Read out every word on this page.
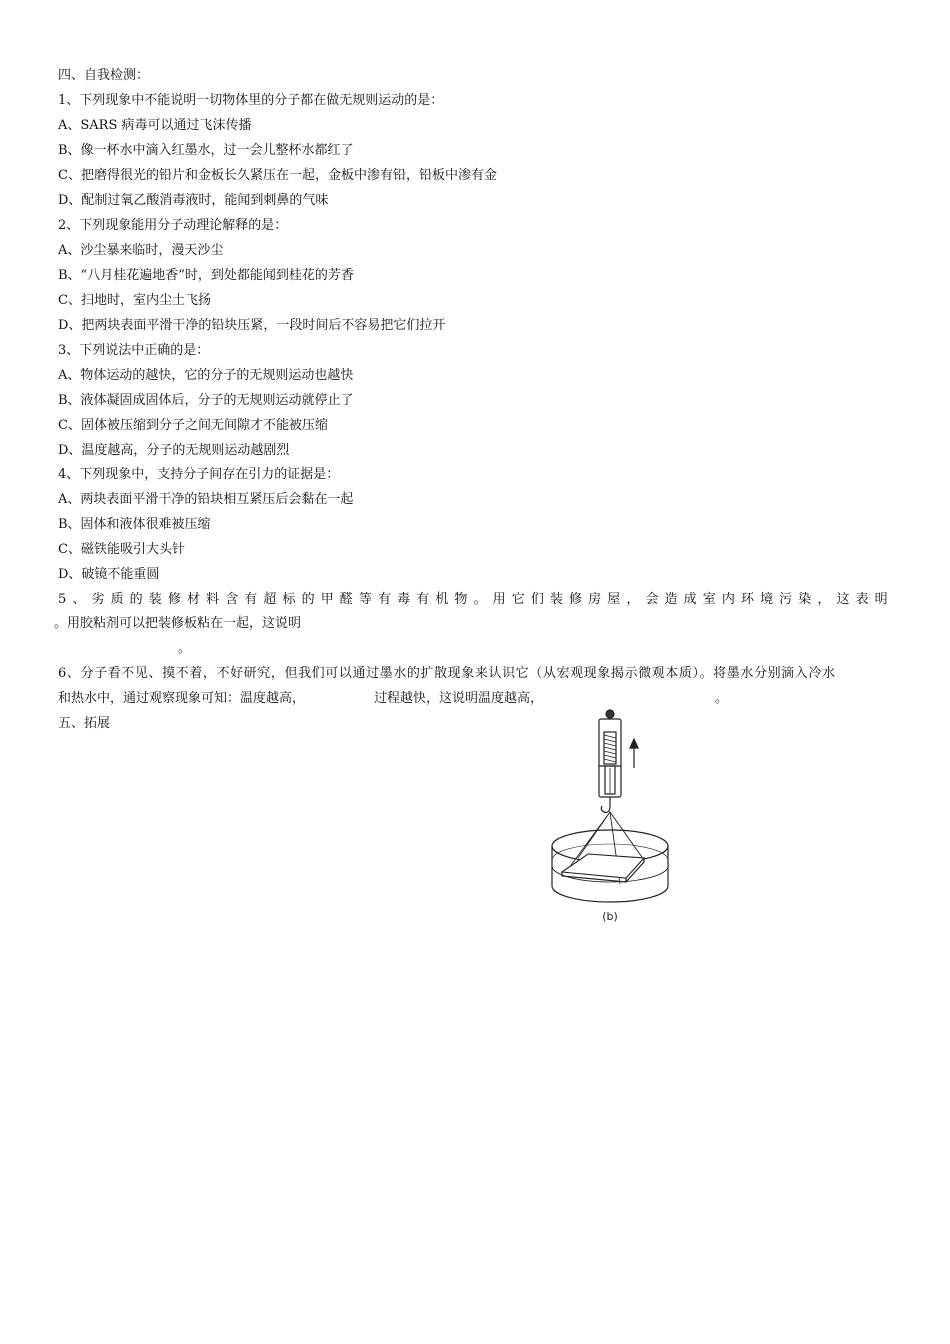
四、自我检测：
1、下列现象中不能说明一切物体里的分子都在做无规则运动的是：
A、SARS 病毒可以通过飞沫传播
B、像一杯水中滴入红墨水，过一会儿整杯水都红了
C、把磨得很光的铅片和金板长久紧压在一起，金板中渗有铅，铅板中渗有金
D、配制过氧乙酸消毒液时，能闻到刺鼻的气味
2、下列现象能用分子动理论解释的是：
A、沙尘暴来临时，漫天沙尘
B、“八月桂花遍地香”时，到处都能闻到桂花的芳香
C、扫地时，室内尘土飞扬
D、把两块表面平滑干净的铅块压紧，一段时间后不容易把它们拉开
3、下列说法中正确的是：
A、物体运动的越快，它的分子的无规则运动也越快
B、液体凝固成固体后，分子的无规则运动就停止了
C、固体被压缩到分子之间无间隙才不能被压缩
D、温度越高，分子的无规则运动越剧烈
4、下列现象中，支持分子间存在引力的证据是：
A、两块表面平滑干净的铅块相互紧压后会黏在一起
B、固体和液体很难被压缩
C、磁铁能吸引大头针
D、破镜不能重圆
5、劣质的装修材料含有超标的甲醛等有毒有机物。用它们装修房屋，会造成室内环境污染，这表明
。用胶粘剂可以把装修板粘在一起，这说明
。
6、分子看不见、摸不着，不好研究，但我们可以通过墨水的扩散现象来认识它（从宏观现象揭示微观本质）。将墨水分别滴入冷水
和热水中，通过观察现象可知：温度越高，	过程越快，这说明温度越高，	。
五、拓展
(b)
